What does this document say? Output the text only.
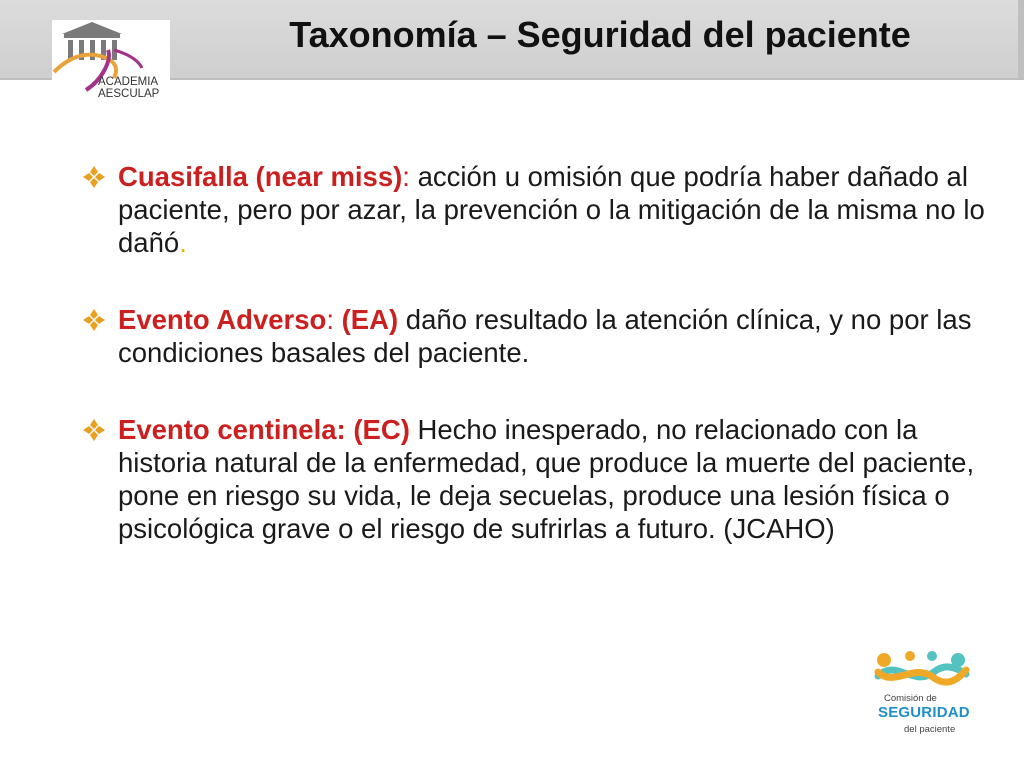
Taxonomía – Seguridad del paciente
ACADEMIA
AESCULAP
Cuasifalla (near miss): acción u omisión que podría haber dañado al paciente, pero por azar, la prevención o la mitigación de la misma no lo dañó.
Evento Adverso: (EA) daño resultado la atención clínica, y no por las condiciones basales del paciente.
Evento centinela: (EC) Hecho inesperado, no relacionado con la historia natural de la enfermedad, que produce la muerte del paciente, pone en riesgo su vida, le deja secuelas, produce una lesión física o psicológica grave o el riesgo de sufrirlas a futuro. (JCAHO)
Comisión de
SEGURIDAD
del paciente
